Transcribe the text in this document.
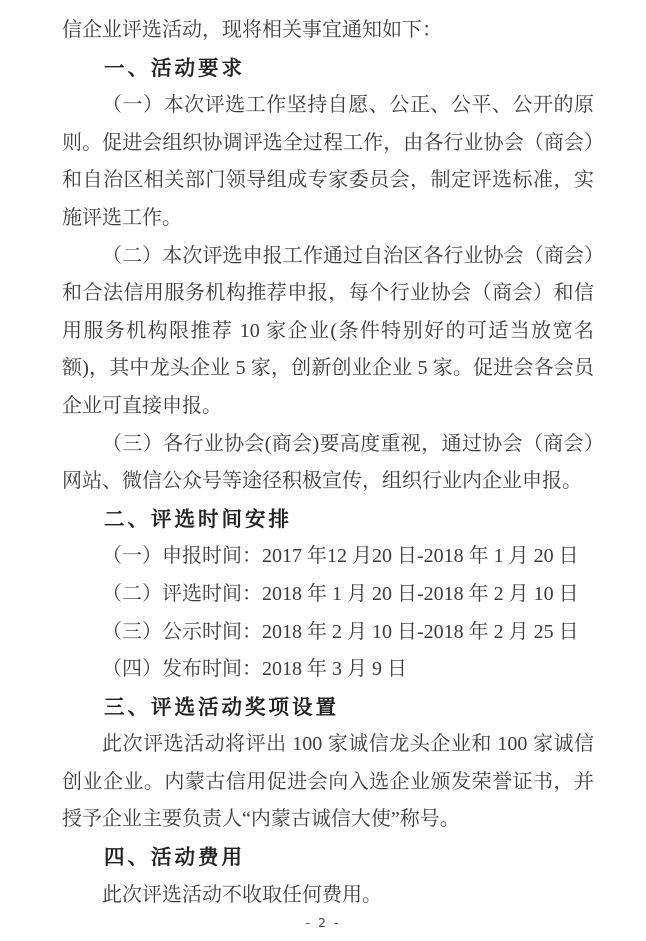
信企业评选活动，现将相关事宜通知如下：

一、活动要求

（一）本次评选工作坚持自愿、公正、公平、公开的原则。促进会组织协调评选全过程工作，由各行业协会（商会）和自治区相关部门领导组成专家委员会，制定评选标准，实施评选工作。

（二）本次评选申报工作通过自治区各行业协会（商会）和合法信用服务机构推荐申报，每个行业协会（商会）和信用服务机构限推荐 10 家企业(条件特别好的可适当放宽名额)，其中龙头企业 5 家，创新创业企业 5 家。促进会各会员企业可直接申报。

（三）各行业协会(商会)要高度重视，通过协会（商会）网站、微信公众号等途径积极宣传，组织行业内企业申报。

二、评选时间安排

（一）申报时间：2017 年12 月20 日-2018 年 1 月 20 日

（二）评选时间：2018 年 1 月 20 日-2018 年 2 月 10 日

（三）公示时间：2018 年 2 月 10 日-2018 年 2 月 25 日

（四）发布时间：2018 年 3 月 9 日

三、评选活动奖项设置

此次评选活动将评出 100 家诚信龙头企业和 100 家诚信创业企业。内蒙古信用促进会向入选企业颁发荣誉证书，并授予企业主要负责人“内蒙古诚信大使”称号。

四、活动费用

此次评选活动不收取任何费用。

- 2 -
